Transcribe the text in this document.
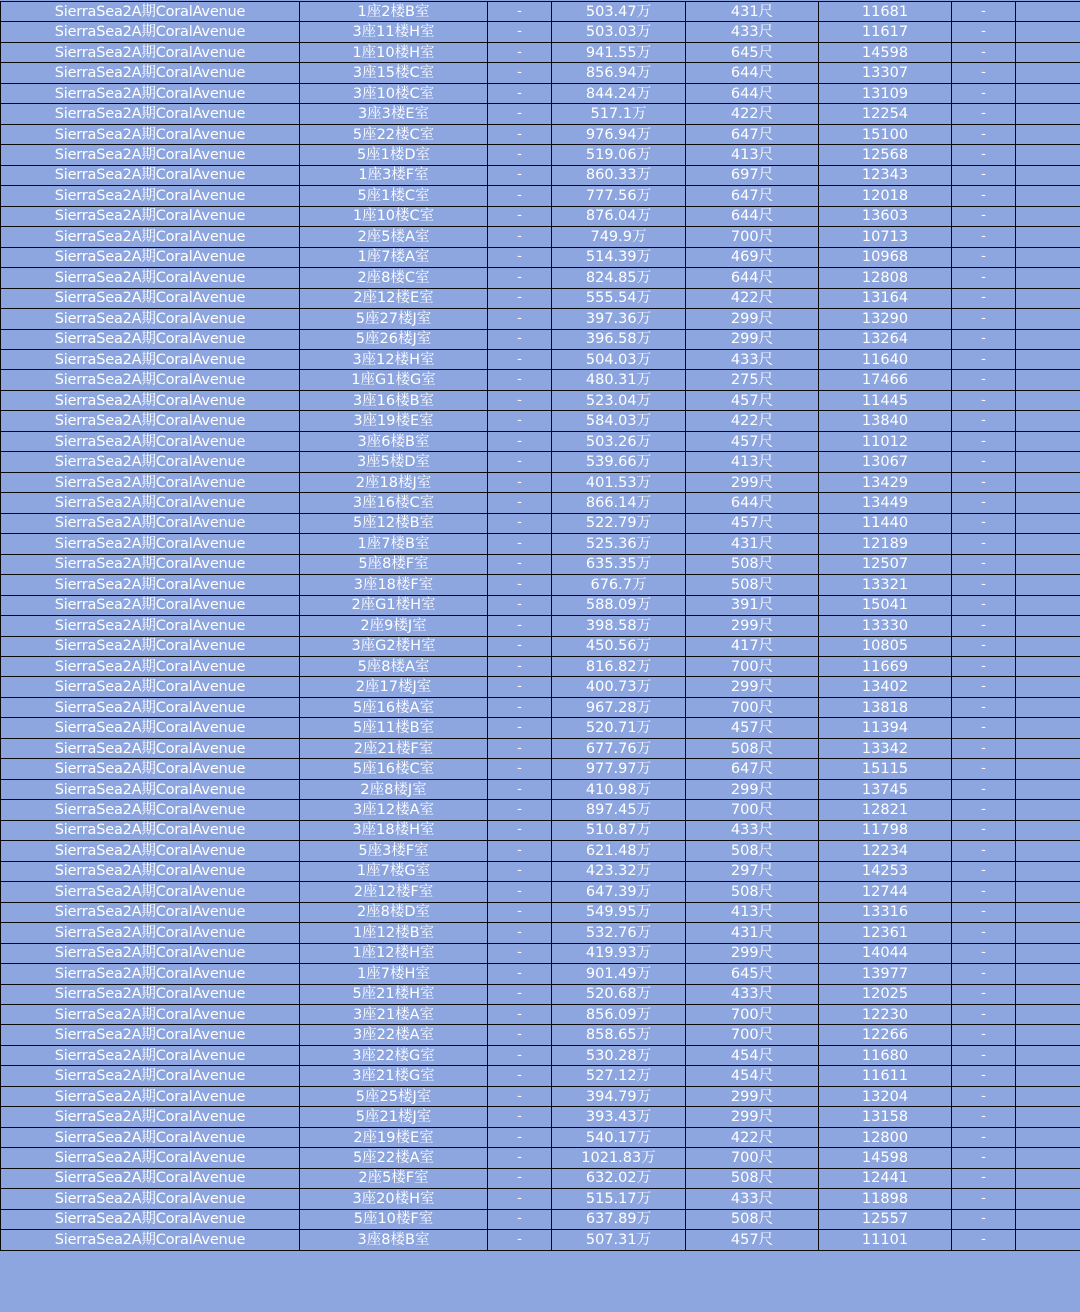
SierraSea2A期CoralAvenue	1座2楼B室	-	503.47万	431尺	11681	-	
SierraSea2A期CoralAvenue	3座11楼H室	-	503.03万	433尺	11617	-	
SierraSea2A期CoralAvenue	1座10楼H室	-	941.55万	645尺	14598	-	
SierraSea2A期CoralAvenue	3座15楼C室	-	856.94万	644尺	13307	-	
SierraSea2A期CoralAvenue	3座10楼C室	-	844.24万	644尺	13109	-	
SierraSea2A期CoralAvenue	3座3楼E室	-	517.1万	422尺	12254	-	
SierraSea2A期CoralAvenue	5座22楼C室	-	976.94万	647尺	15100	-	
SierraSea2A期CoralAvenue	5座1楼D室	-	519.06万	413尺	12568	-	
SierraSea2A期CoralAvenue	1座3楼F室	-	860.33万	697尺	12343	-	
SierraSea2A期CoralAvenue	5座1楼C室	-	777.56万	647尺	12018	-	
SierraSea2A期CoralAvenue	1座10楼C室	-	876.04万	644尺	13603	-	
SierraSea2A期CoralAvenue	2座5楼A室	-	749.9万	700尺	10713	-	
SierraSea2A期CoralAvenue	1座7楼A室	-	514.39万	469尺	10968	-	
SierraSea2A期CoralAvenue	2座8楼C室	-	824.85万	644尺	12808	-	
SierraSea2A期CoralAvenue	2座12楼E室	-	555.54万	422尺	13164	-	
SierraSea2A期CoralAvenue	5座27楼J室	-	397.36万	299尺	13290	-	
SierraSea2A期CoralAvenue	5座26楼J室	-	396.58万	299尺	13264	-	
SierraSea2A期CoralAvenue	3座12楼H室	-	504.03万	433尺	11640	-	
SierraSea2A期CoralAvenue	1座G1楼G室	-	480.31万	275尺	17466	-	
SierraSea2A期CoralAvenue	3座16楼B室	-	523.04万	457尺	11445	-	
SierraSea2A期CoralAvenue	3座19楼E室	-	584.03万	422尺	13840	-	
SierraSea2A期CoralAvenue	3座6楼B室	-	503.26万	457尺	11012	-	
SierraSea2A期CoralAvenue	3座5楼D室	-	539.66万	413尺	13067	-	
SierraSea2A期CoralAvenue	2座18楼J室	-	401.53万	299尺	13429	-	
SierraSea2A期CoralAvenue	3座16楼C室	-	866.14万	644尺	13449	-	
SierraSea2A期CoralAvenue	5座12楼B室	-	522.79万	457尺	11440	-	
SierraSea2A期CoralAvenue	1座7楼B室	-	525.36万	431尺	12189	-	
SierraSea2A期CoralAvenue	5座8楼F室	-	635.35万	508尺	12507	-	
SierraSea2A期CoralAvenue	3座18楼F室	-	676.7万	508尺	13321	-	
SierraSea2A期CoralAvenue	2座G1楼H室	-	588.09万	391尺	15041	-	
SierraSea2A期CoralAvenue	2座9楼J室	-	398.58万	299尺	13330	-	
SierraSea2A期CoralAvenue	3座G2楼H室	-	450.56万	417尺	10805	-	
SierraSea2A期CoralAvenue	5座8楼A室	-	816.82万	700尺	11669	-	
SierraSea2A期CoralAvenue	2座17楼J室	-	400.73万	299尺	13402	-	
SierraSea2A期CoralAvenue	5座16楼A室	-	967.28万	700尺	13818	-	
SierraSea2A期CoralAvenue	5座11楼B室	-	520.71万	457尺	11394	-	
SierraSea2A期CoralAvenue	2座21楼F室	-	677.76万	508尺	13342	-	
SierraSea2A期CoralAvenue	5座16楼C室	-	977.97万	647尺	15115	-	
SierraSea2A期CoralAvenue	2座8楼J室	-	410.98万	299尺	13745	-	
SierraSea2A期CoralAvenue	3座12楼A室	-	897.45万	700尺	12821	-	
SierraSea2A期CoralAvenue	3座18楼H室	-	510.87万	433尺	11798	-	
SierraSea2A期CoralAvenue	5座3楼F室	-	621.48万	508尺	12234	-	
SierraSea2A期CoralAvenue	1座7楼G室	-	423.32万	297尺	14253	-	
SierraSea2A期CoralAvenue	2座12楼F室	-	647.39万	508尺	12744	-	
SierraSea2A期CoralAvenue	2座8楼D室	-	549.95万	413尺	13316	-	
SierraSea2A期CoralAvenue	1座12楼B室	-	532.76万	431尺	12361	-	
SierraSea2A期CoralAvenue	1座12楼H室	-	419.93万	299尺	14044	-	
SierraSea2A期CoralAvenue	1座7楼H室	-	901.49万	645尺	13977	-	
SierraSea2A期CoralAvenue	5座21楼H室	-	520.68万	433尺	12025	-	
SierraSea2A期CoralAvenue	3座21楼A室	-	856.09万	700尺	12230	-	
SierraSea2A期CoralAvenue	3座22楼A室	-	858.65万	700尺	12266	-	
SierraSea2A期CoralAvenue	3座22楼G室	-	530.28万	454尺	11680	-	
SierraSea2A期CoralAvenue	3座21楼G室	-	527.12万	454尺	11611	-	
SierraSea2A期CoralAvenue	5座25楼J室	-	394.79万	299尺	13204	-	
SierraSea2A期CoralAvenue	5座21楼J室	-	393.43万	299尺	13158	-	
SierraSea2A期CoralAvenue	2座19楼E室	-	540.17万	422尺	12800	-	
SierraSea2A期CoralAvenue	5座22楼A室	-	1021.83万	700尺	14598	-	
SierraSea2A期CoralAvenue	2座5楼F室	-	632.02万	508尺	12441	-	
SierraSea2A期CoralAvenue	3座20楼H室	-	515.17万	433尺	11898	-	
SierraSea2A期CoralAvenue	5座10楼F室	-	637.89万	508尺	12557	-	
SierraSea2A期CoralAvenue	3座8楼B室	-	507.31万	457尺	11101	-	
